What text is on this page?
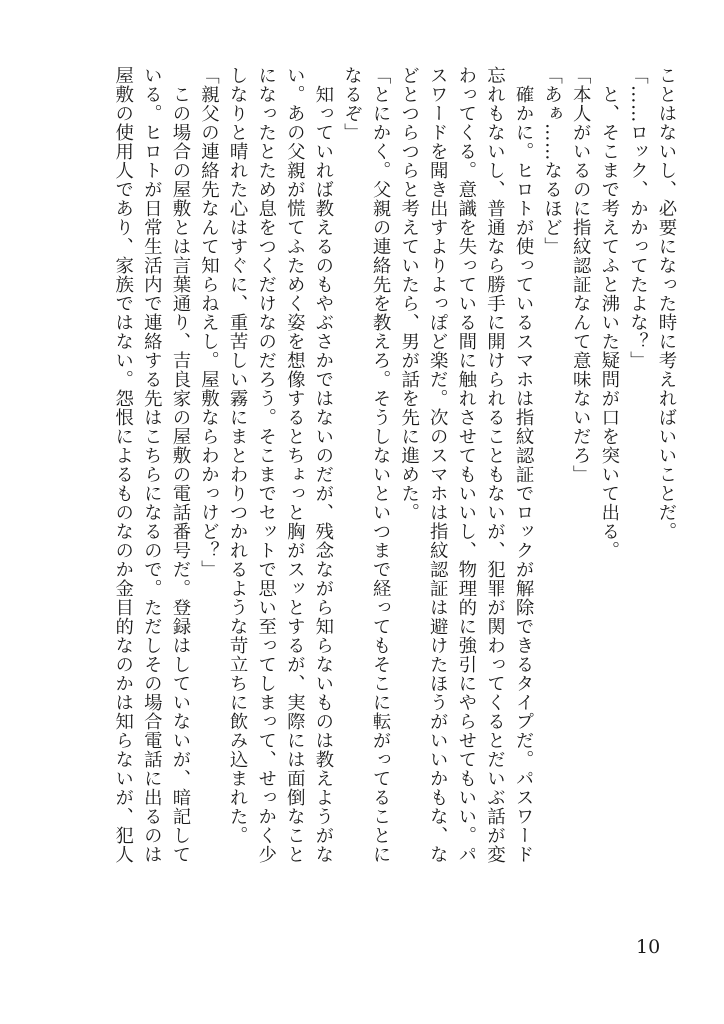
ことはないし、必要になった時に考えればいいことだ。
「……ロック、かかってたよな？」
　と、そこまで考えてふと沸いた疑問が口を突いて出る。
「本人がいるのに指紋認証なんて意味ないだろ」
「あぁ……なるほど」
　確かに。ヒロトが使っているスマホは指紋認証でロックが解除できるタイプだ。パスワード
忘れもないし、普通なら勝手に開けられることもないが、犯罪が関わってくるとだいぶ話が変
わってくる。意識を失っている間に触れさせてもいいし、物理的に強引にやらせてもいい。パ
スワードを聞き出すよりよっぽど楽だ。次のスマホは指紋認証は避けたほうがいいかもな、な
どとつらつらと考えていたら、男が話を先に進めた。
「とにかく。父親の連絡先を教えろ。そうしないといつまで経ってもそこに転がってることに
なるぞ」
　知っていれば教えるのもやぶさかではないのだが、残念ながら知らないものは教えようがな
い。あの父親が慌てふためく姿を想像するとちょっと胸がスッとするが、実際には面倒なこと
になったとため息をつくだけなのだろう。そこまでセットで思い至ってしまって、せっかく少
しなりと晴れた心はすぐに、重苦しい霧にまとわりつかれるような苛立ちに飲み込まれた。
「親父の連絡先なんて知らねえし。屋敷ならわかっけど？」
　この場合の屋敷とは言葉通り、吉良家の屋敷の電話番号だ。登録はしていないが、暗記して
いる。ヒロトが日常生活内で連絡する先はこちらになるので。ただしその場合電話に出るのは
屋敷の使用人であり、家族ではない。怨恨によるものなのか金目的なのかは知らないが、犯人
10
